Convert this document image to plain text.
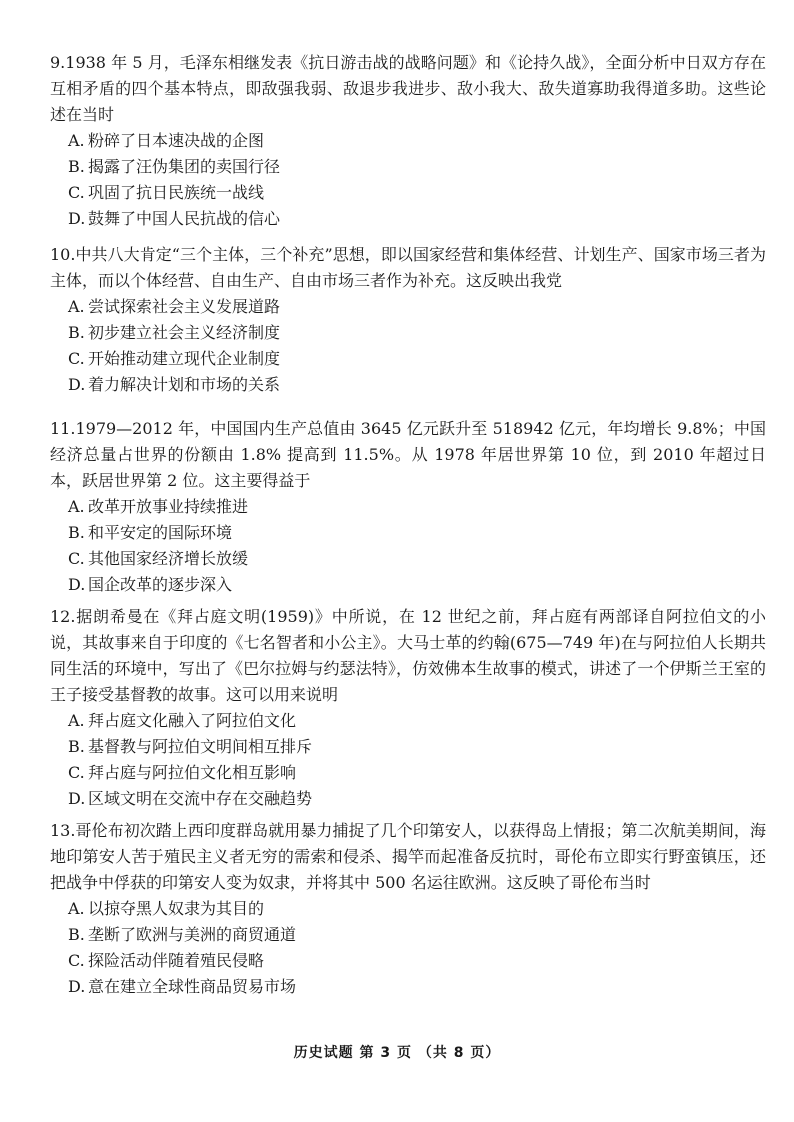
9.1938 年 5 月，毛泽东相继发表《抗日游击战的战略问题》和《论持久战》，全面分析中日双方存在互相矛盾的四个基本特点，即敌强我弱、敌退步我进步、敌小我大、敌失道寡助我得道多助。这些论述在当时

A. 粉碎了日本速决战的企图
B. 揭露了汪伪集团的卖国行径
C. 巩固了抗日民族统一战线
D. 鼓舞了中国人民抗战的信心

10.中共八大肯定“三个主体，三个补充”思想，即以国家经营和集体经营、计划生产、国家市场三者为主体，而以个体经营、自由生产、自由市场三者作为补充。这反映出我党

A. 尝试探索社会主义发展道路
B. 初步建立社会主义经济制度
C. 开始推动建立现代企业制度
D. 着力解决计划和市场的关系

11.1979—2012 年，中国国内生产总值由 3645 亿元跃升至 518942 亿元，年均增长 9.8%；中国经济总量占世界的份额由 1.8% 提高到 11.5%。从 1978 年居世界第 10 位，到 2010 年超过日本，跃居世界第 2 位。这主要得益于

A. 改革开放事业持续推进
B. 和平安定的国际环境
C. 其他国家经济增长放缓
D. 国企改革的逐步深入

12.据朗希曼在《拜占庭文明(1959)》中所说，在 12 世纪之前，拜占庭有两部译自阿拉伯文的小说，其故事来自于印度的《七名智者和小公主》。大马士革的约翰(675—749 年)在与阿拉伯人长期共同生活的环境中，写出了《巴尔拉姆与约瑟法特》，仿效佛本生故事的模式，讲述了一个伊斯兰王室的王子接受基督教的故事。这可以用来说明

A. 拜占庭文化融入了阿拉伯文化
B. 基督教与阿拉伯文明间相互排斥
C. 拜占庭与阿拉伯文化相互影响
D. 区域文明在交流中存在交融趋势

13.哥伦布初次踏上西印度群岛就用暴力捕捉了几个印第安人，以获得岛上情报；第二次航美期间，海地印第安人苦于殖民主义者无穷的需索和侵杀、揭竿而起准备反抗时，哥伦布立即实行野蛮镇压，还把战争中俘获的印第安人变为奴隶，并将其中 500 名运往欧洲。这反映了哥伦布当时

A. 以掠夺黑人奴隶为其目的
B. 垄断了欧洲与美洲的商贸通道
C. 探险活动伴随着殖民侵略
D. 意在建立全球性商品贸易市场
历史试题 第 3 页 （共 8 页）
